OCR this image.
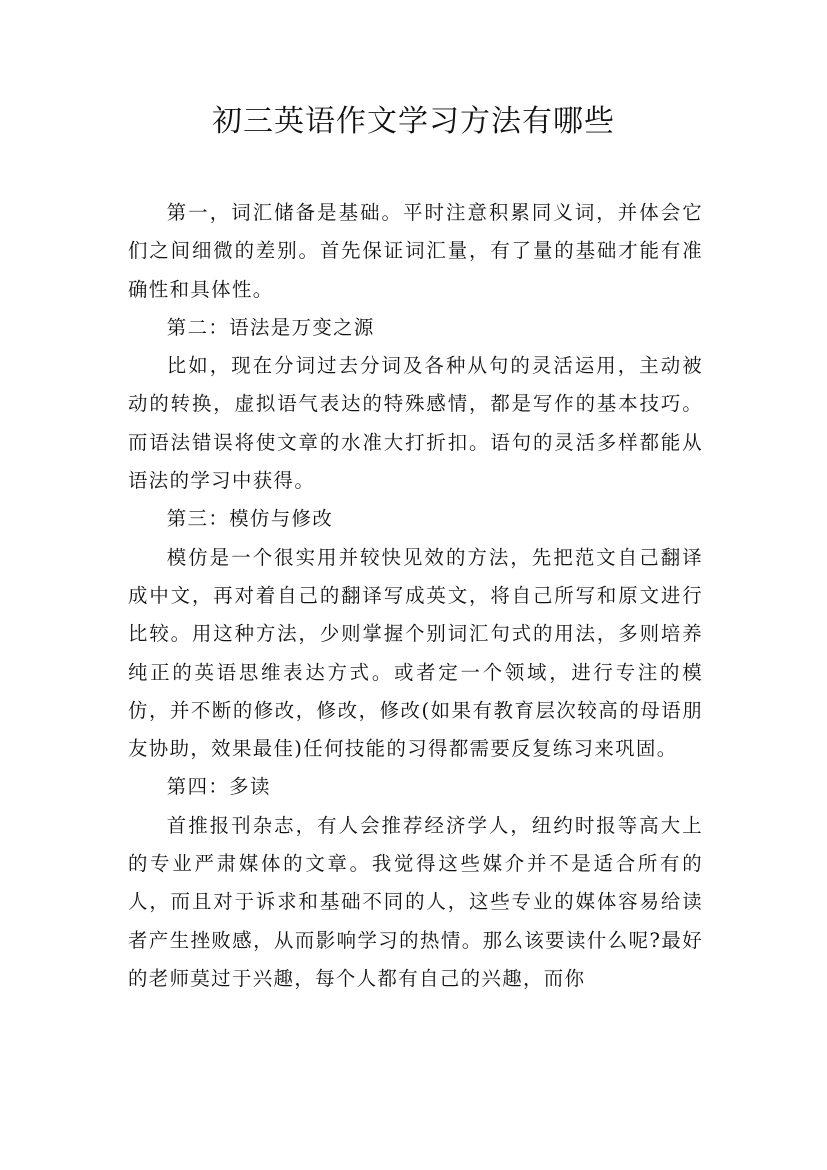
初三英语作文学习方法有哪些

第一，词汇储备是基础。平时注意积累同义词，并体会它们之间细微的差别。首先保证词汇量，有了量的基础才能有准确性和具体性。

第二：语法是万变之源

比如，现在分词过去分词及各种从句的灵活运用，主动被动的转换，虚拟语气表达的特殊感情，都是写作的基本技巧。而语法错误将使文章的水准大打折扣。语句的灵活多样都能从语法的学习中获得。

第三：模仿与修改

模仿是一个很实用并较快见效的方法，先把范文自己翻译成中文，再对着自己的翻译写成英文，将自己所写和原文进行比较。用这种方法，少则掌握个别词汇句式的用法，多则培养纯正的英语思维表达方式。或者定一个领域，进行专注的模仿，并不断的修改，修改，修改(如果有教育层次较高的母语朋友协助，效果最佳)任何技能的习得都需要反复练习来巩固。

第四：多读

首推报刊杂志，有人会推荐经济学人，纽约时报等高大上的专业严肃媒体的文章。我觉得这些媒介并不是适合所有的人，而且对于诉求和基础不同的人，这些专业的媒体容易给读者产生挫败感，从而影响学习的热情。那么该要读什么呢?最好的老师莫过于兴趣，每个人都有自己的兴趣，而你
